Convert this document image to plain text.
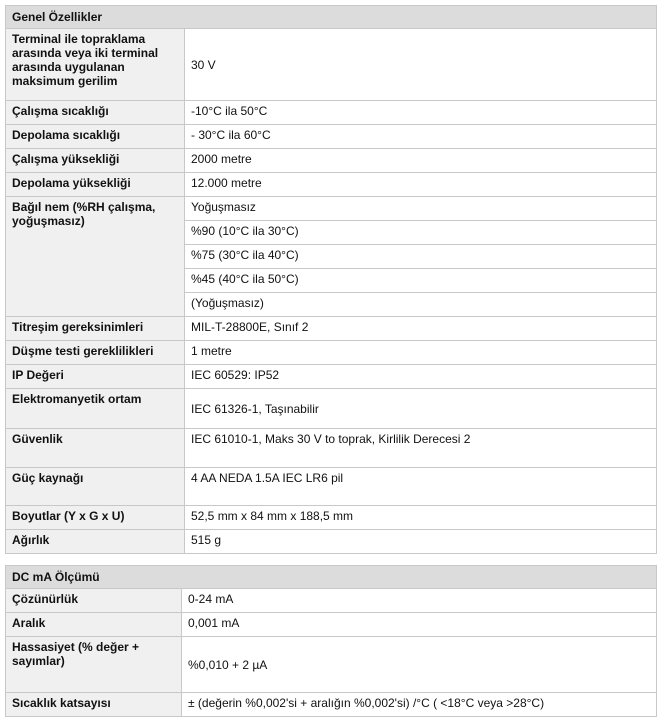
Genel Özellikler	
Terminal ile topraklama arasında veya iki terminal arasında uygulanan maksimum gerilim	30 V
Çalışma sıcaklığı	-10°C ila 50°C
Depolama sıcaklığı	- 30°C ila 60°C
Çalışma yüksekliği	2000 metre
Depolama yüksekliği	12.000 metre
Bağıl nem (%RH çalışma, yoğuşmasız)	Yoğuşmasız
	%90 (10°C ila 30°C)
	%75 (30°C ila 40°C)
	%45 (40°C ila 50°C)
	(Yoğuşmasız)
Titreşim gereksinimleri	MIL-T-28800E, Sınıf 2
Düşme testi gereklilikleri	1 metre
IP Değeri	IEC 60529: IP52
Elektromanyetik ortam	IEC 61326-1, Taşınabilir
Güvenlik	IEC 61010-1, Maks 30 V to toprak, Kirlilik Derecesi 2
Güç kaynağı	4 AA NEDA 1.5A IEC LR6 pil
Boyutlar (Y x G x U)	52,5 mm x 84 mm x 188,5 mm
Ağırlık	515 g
DC mA Ölçümü	
Çözünürlük	0-24 mA
Aralık	0,001 mA
Hassasiyet (% değer + sayımlar)	%0,010 + 2 µA
Sıcaklık katsayısı	± (değerin %0,002'si + aralığın %0,002'si) /°C ( <18°C veya >28°C)
